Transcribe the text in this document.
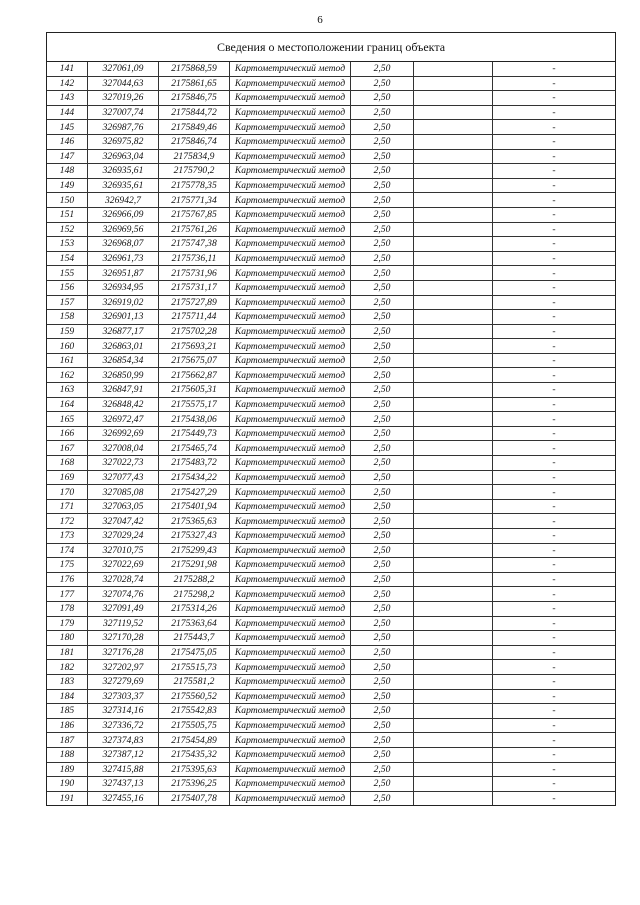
6
Сведения о местоположении границ объекта
141	327061,09	2175868,59	Картометрический метод	2,50		-
142	327044,63	2175861,65	Картометрический метод	2,50		-
143	327019,26	2175846,75	Картометрический метод	2,50		-
144	327007,74	2175844,72	Картометрический метод	2,50		-
145	326987,76	2175849,46	Картометрический метод	2,50		-
146	326975,82	2175846,74	Картометрический метод	2,50		-
147	326963,04	2175834,9	Картометрический метод	2,50		-
148	326935,61	2175790,2	Картометрический метод	2,50		-
149	326935,61	2175778,35	Картометрический метод	2,50		-
150	326942,7	2175771,34	Картометрический метод	2,50		-
151	326966,09	2175767,85	Картометрический метод	2,50		-
152	326969,56	2175761,26	Картометрический метод	2,50		-
153	326968,07	2175747,38	Картометрический метод	2,50		-
154	326961,73	2175736,11	Картометрический метод	2,50		-
155	326951,87	2175731,96	Картометрический метод	2,50		-
156	326934,95	2175731,17	Картометрический метод	2,50		-
157	326919,02	2175727,89	Картометрический метод	2,50		-
158	326901,13	2175711,44	Картометрический метод	2,50		-
159	326877,17	2175702,28	Картометрический метод	2,50		-
160	326863,01	2175693,21	Картометрический метод	2,50		-
161	326854,34	2175675,07	Картометрический метод	2,50		-
162	326850,99	2175662,87	Картометрический метод	2,50		-
163	326847,91	2175605,31	Картометрический метод	2,50		-
164	326848,42	2175575,17	Картометрический метод	2,50		-
165	326972,47	2175438,06	Картометрический метод	2,50		-
166	326992,69	2175449,73	Картометрический метод	2,50		-
167	327008,04	2175465,74	Картометрический метод	2,50		-
168	327022,73	2175483,72	Картометрический метод	2,50		-
169	327077,43	2175434,22	Картометрический метод	2,50		-
170	327085,08	2175427,29	Картометрический метод	2,50		-
171	327063,05	2175401,94	Картометрический метод	2,50		-
172	327047,42	2175365,63	Картометрический метод	2,50		-
173	327029,24	2175327,43	Картометрический метод	2,50		-
174	327010,75	2175299,43	Картометрический метод	2,50		-
175	327022,69	2175291,98	Картометрический метод	2,50		-
176	327028,74	2175288,2	Картометрический метод	2,50		-
177	327074,76	2175298,2	Картометрический метод	2,50		-
178	327091,49	2175314,26	Картометрический метод	2,50		-
179	327119,52	2175363,64	Картометрический метод	2,50		-
180	327170,28	2175443,7	Картометрический метод	2,50		-
181	327176,28	2175475,05	Картометрический метод	2,50		-
182	327202,97	2175515,73	Картометрический метод	2,50		-
183	327279,69	2175581,2	Картометрический метод	2,50		-
184	327303,37	2175560,52	Картометрический метод	2,50		-
185	327314,16	2175542,83	Картометрический метод	2,50		-
186	327336,72	2175505,75	Картометрический метод	2,50		-
187	327374,83	2175454,89	Картометрический метод	2,50		-
188	327387,12	2175435,32	Картометрический метод	2,50		-
189	327415,88	2175395,63	Картометрический метод	2,50		-
190	327437,13	2175396,25	Картометрический метод	2,50		-
191	327455,16	2175407,78	Картометрический метод	2,50		-
